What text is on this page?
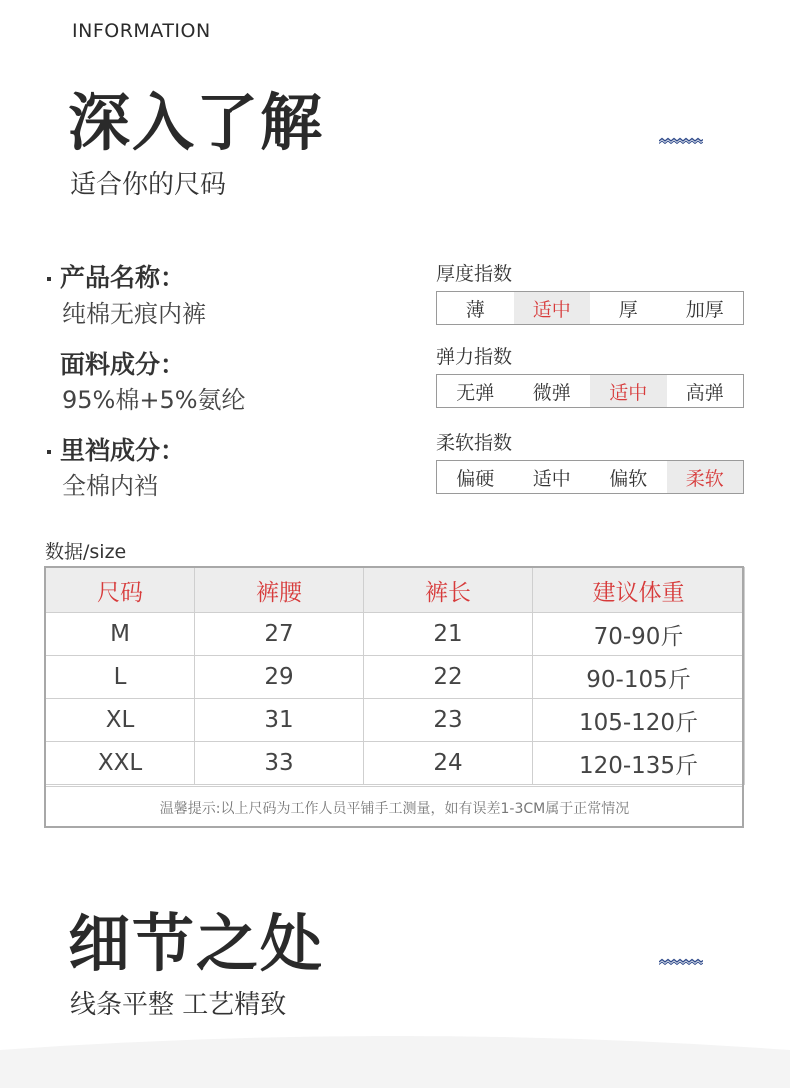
INFORMATION
深入了解
适合你的尺码
产品名称：
纯棉无痕内裤
面料成分：
95%棉+5%氨纶
里裆成分：
全棉内裆
厚度指数
薄	适中	厚	加厚
弹力指数
无弹	微弹	适中	高弹
柔软指数
偏硬	适中	偏软	柔软
数据/size
尺码	裤腰	裤长	建议体重
M	27	21	70-90斤
L	29	22	90-105斤
XL	31	23	105-120斤
XXL	33	24	120-135斤
温馨提示:以上尺码为工作人员平铺手工测量，如有误差1-3CM属于正常情况
细节之处
线条平整 工艺精致
